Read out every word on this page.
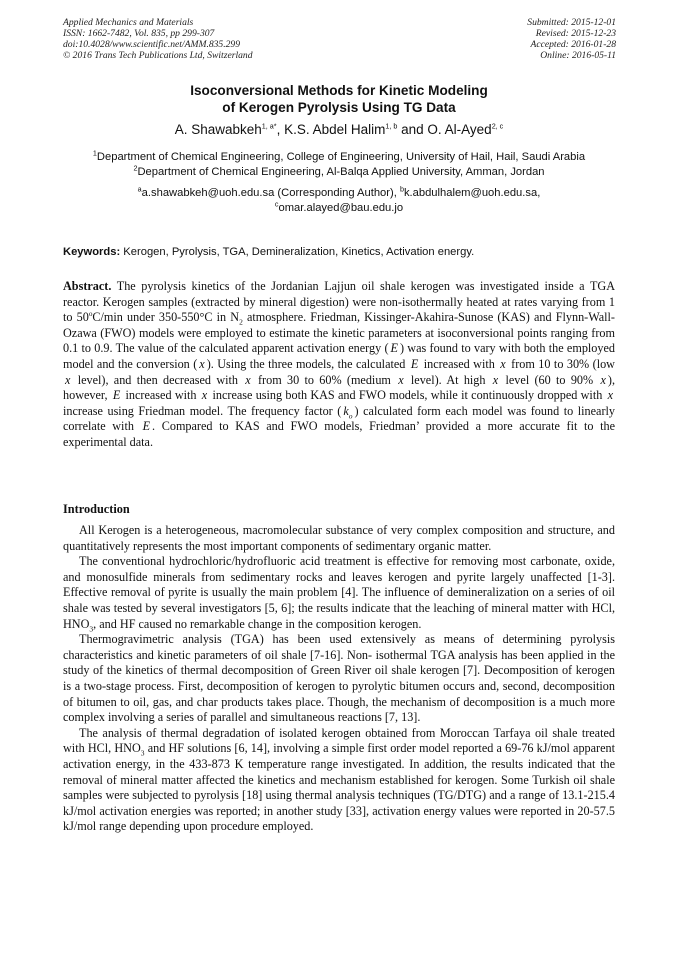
Applied Mechanics and Materials
ISSN: 1662-7482, Vol. 835, pp 299-307
doi:10.4028/www.scientific.net/AMM.835.299
© 2016 Trans Tech Publications Ltd, Switzerland
Submitted: 2015-12-01
Revised: 2015-12-23
Accepted: 2016-01-28
Online: 2016-05-11
Isoconversional Methods for Kinetic Modeling
of Kerogen Pyrolysis Using TG Data
A. Shawabkeh$^{1, a*}$, K.S. Abdel Halim$^{1, b}$ and O. Al-Ayed$^{2, c}$
$^1$Department of Chemical Engineering, College of Engineering, University of Hail, Hail, Saudi Arabia
$^2$Department of Chemical Engineering, Al-Balqa Applied University, Amman, Jordan
$^a$a.shawabkeh@uoh.edu.sa (Corresponding Author), $^b$k.abdulhalem@uoh.edu.sa,
$^c$omar.alayed@bau.edu.jo
Keywords: Kerogen, Pyrolysis, TGA, Demineralization, Kinetics, Activation energy.

Abstract. The pyrolysis kinetics of the Jordanian Lajjun oil shale kerogen was investigated inside a TGA reactor. Kerogen samples (extracted by mineral digestion) were non-isothermally heated at rates varying from 1 to 50$^o$C/min under 350-550°C in $N_2$ atmosphere. Friedman, Kissinger-Akahira-Sunose (KAS) and Flynn-Wall-Ozawa (FWO) models were employed to estimate the kinetic parameters at isoconversional points ranging from 0.1 to 0.9. The value of the calculated apparent activation energy ( E ) was found to vary with both the employed model and the conversion ( x ). Using the three models, the calculated E increased with x from 10 to 30% (low x level), and then decreased with x from 30 to 60% (medium x level). At high x level (60 to 90% x ), however, E increased with x increase using both KAS and FWO models, while it continuously dropped with x increase using Friedman model. The frequency factor ( $k_o$ ) calculated form each model was found to linearly correlate with E . Compared to KAS and FWO models, Friedman’ provided a more accurate fit to the experimental data.

Introduction

All Kerogen is a heterogeneous, macromolecular substance of very complex composition and structure, and quantitatively represents the most important components of sedimentary organic matter.

The conventional hydrochloric/hydrofluoric acid treatment is effective for removing most carbonate, oxide, and monosulfide minerals from sedimentary rocks and leaves kerogen and pyrite largely unaffected [1-3]. Effective removal of pyrite is usually the main problem [4]. The influence of demineralization on a series of oil shale was tested by several investigators [5, 6]; the results indicate that the leaching of mineral matter with HCl, $HNO_3$, and HF caused no remarkable change in the composition kerogen.

Thermogravimetric analysis (TGA) has been used extensively as means of determining pyrolysis characteristics and kinetic parameters of oil shale [7-16]. Non- isothermal TGA analysis has been applied in the study of the kinetics of thermal decomposition of Green River oil shale kerogen [7]. Decomposition of kerogen is a two-stage process. First, decomposition of kerogen to pyrolytic bitumen occurs and, second, decomposition of bitumen to oil, gas, and char products takes place. Though, the mechanism of decomposition is a much more complex involving a series of parallel and simultaneous reactions [7, 13].

The analysis of thermal degradation of isolated kerogen obtained from Moroccan Tarfaya oil shale treated with HCl, $HNO_3$ and HF solutions [6, 14], involving a simple first order model reported a 69-76 kJ/mol apparent activation energy, in the 433-873 K temperature range investigated. In addition, the results indicated that the removal of mineral matter affected the kinetics and mechanism established for kerogen. Some Turkish oil shale samples were subjected to pyrolysis [18] using thermal analysis techniques (TG/DTG) and a range of 13.1-215.4 kJ/mol activation energies was reported; in another study [33], activation energy values were reported in 20-57.5 kJ/mol range depending upon procedure employed.
